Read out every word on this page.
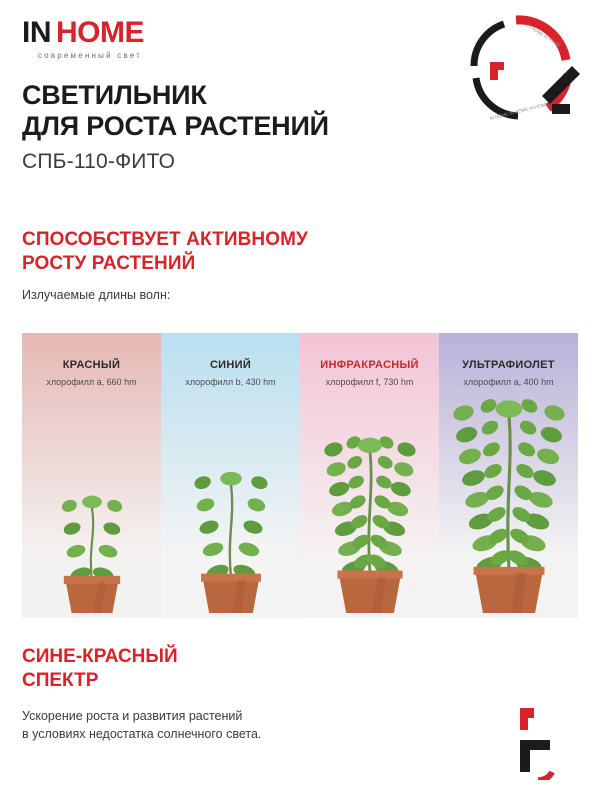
IN HOME
современный свет
IN HOME IN HOME
IN HOME IN HOME IN HOME
СВЕТИЛЬНИК
ДЛЯ РОСТА РАСТЕНИЙ
СПБ-110-ФИТО
СПОСОБСТВУЕТ АКТИВНОМУ
РОСТУ РАСТЕНИЙ
Излучаемые длины волн:
КРАСНЫЙ
хлорофилл a, 660 hm
СИНИЙ
хлорофилл b, 430 hm
ИНФРАКРАСНЫЙ
хлорофилл f, 730 hm
УЛЬТРАФИОЛЕТ
хлорофилл a, 400 hm
СИНЕ-КРАСНЫЙ
СПЕКТР

Ускорение роста и развития растений
в условиях недостатка солнечного света.
